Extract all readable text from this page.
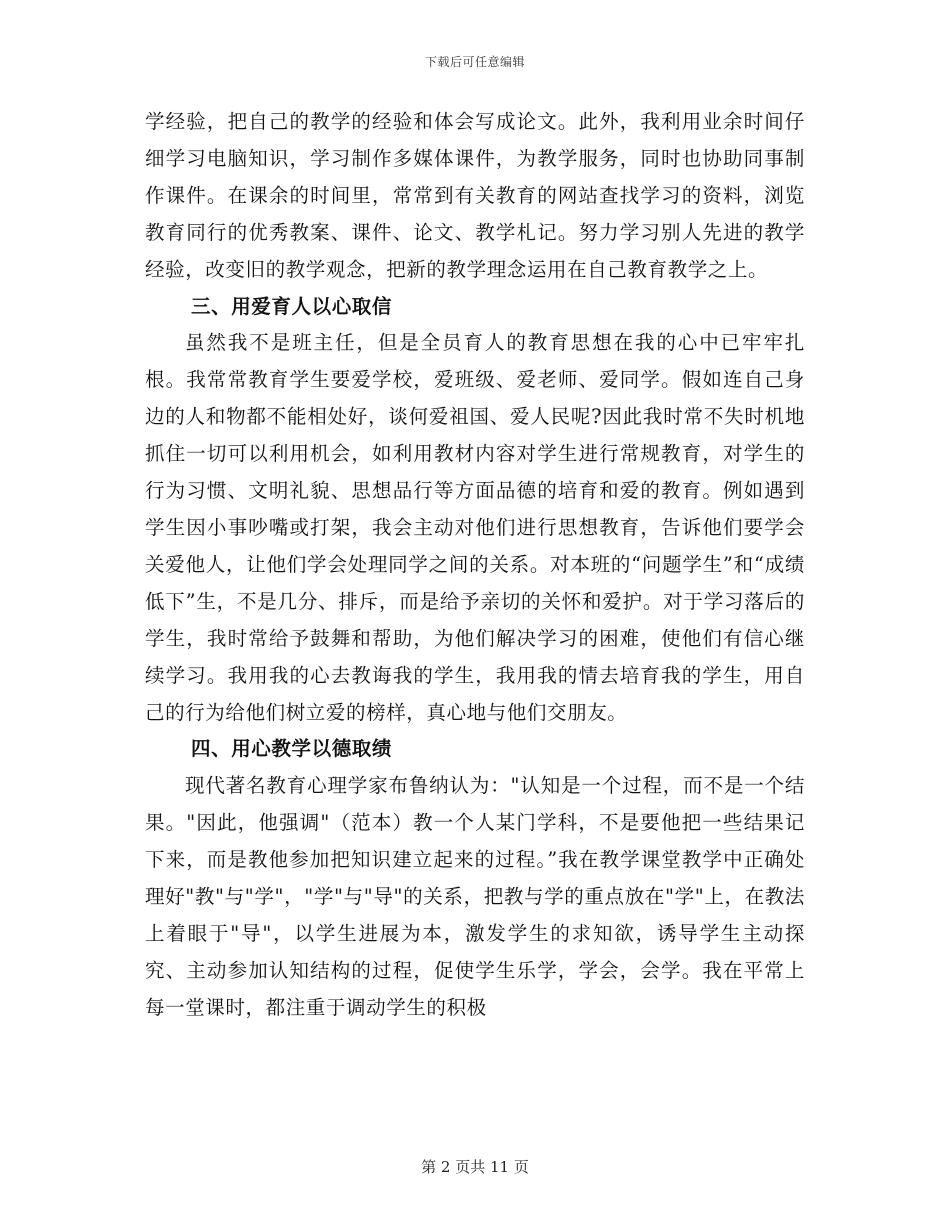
下载后可任意编辑

学经验，把自己的教学的经验和体会写成论文。此外，我利用业余时间仔细学习电脑知识，学习制作多媒体课件，为教学服务，同时也协助同事制作课件。在课余的时间里，常常到有关教育的网站查找学习的资料，浏览教育同行的优秀教案、课件、论文、教学札记。努力学习别人先进的教学经验，改变旧的教学观念，把新的教学理念运用在自己教育教学之上。

三、用爱育人以心取信

虽然我不是班主任，但是全员育人的教育思想在我的心中已牢牢扎根。我常常教育学生要爱学校，爱班级、爱老师、爱同学。假如连自己身边的人和物都不能相处好，谈何爱祖国、爱人民呢?因此我时常不失时机地抓住一切可以利用机会，如利用教材内容对学生进行常规教育，对学生的行为习惯、文明礼貌、思想品行等方面品德的培育和爱的教育。例如遇到学生因小事吵嘴或打架，我会主动对他们进行思想教育，告诉他们要学会关爱他人，让他们学会处理同学之间的关系。对本班的“问题学生”和“成绩低下”生，不是几分、排斥，而是给予亲切的关怀和爱护。对于学习落后的学生，我时常给予鼓舞和帮助，为他们解决学习的困难，使他们有信心继续学习。我用我的心去教诲我的学生，我用我的情去培育我的学生，用自己的行为给他们树立爱的榜样，真心地与他们交朋友。

四、用心教学以德取绩

现代著名教育心理学家布鲁纳认为："认知是一个过程，而不是一个结果。"因此，他强调"（范本）教一个人某门学科，不是要他把一些结果记下来，而是教他参加把知识建立起来的过程。”我在教学课堂教学中正确处理好"教"与"学"，"学"与"导"的关系，把教与学的重点放在"学"上，在教法上着眼于"导"，以学生进展为本，激发学生的求知欲，诱导学生主动探究、主动参加认知结构的过程，促使学生乐学，学会，会学。我在平常上每一堂课时，都注重于调动学生的积极

第 2 页共 11 页
